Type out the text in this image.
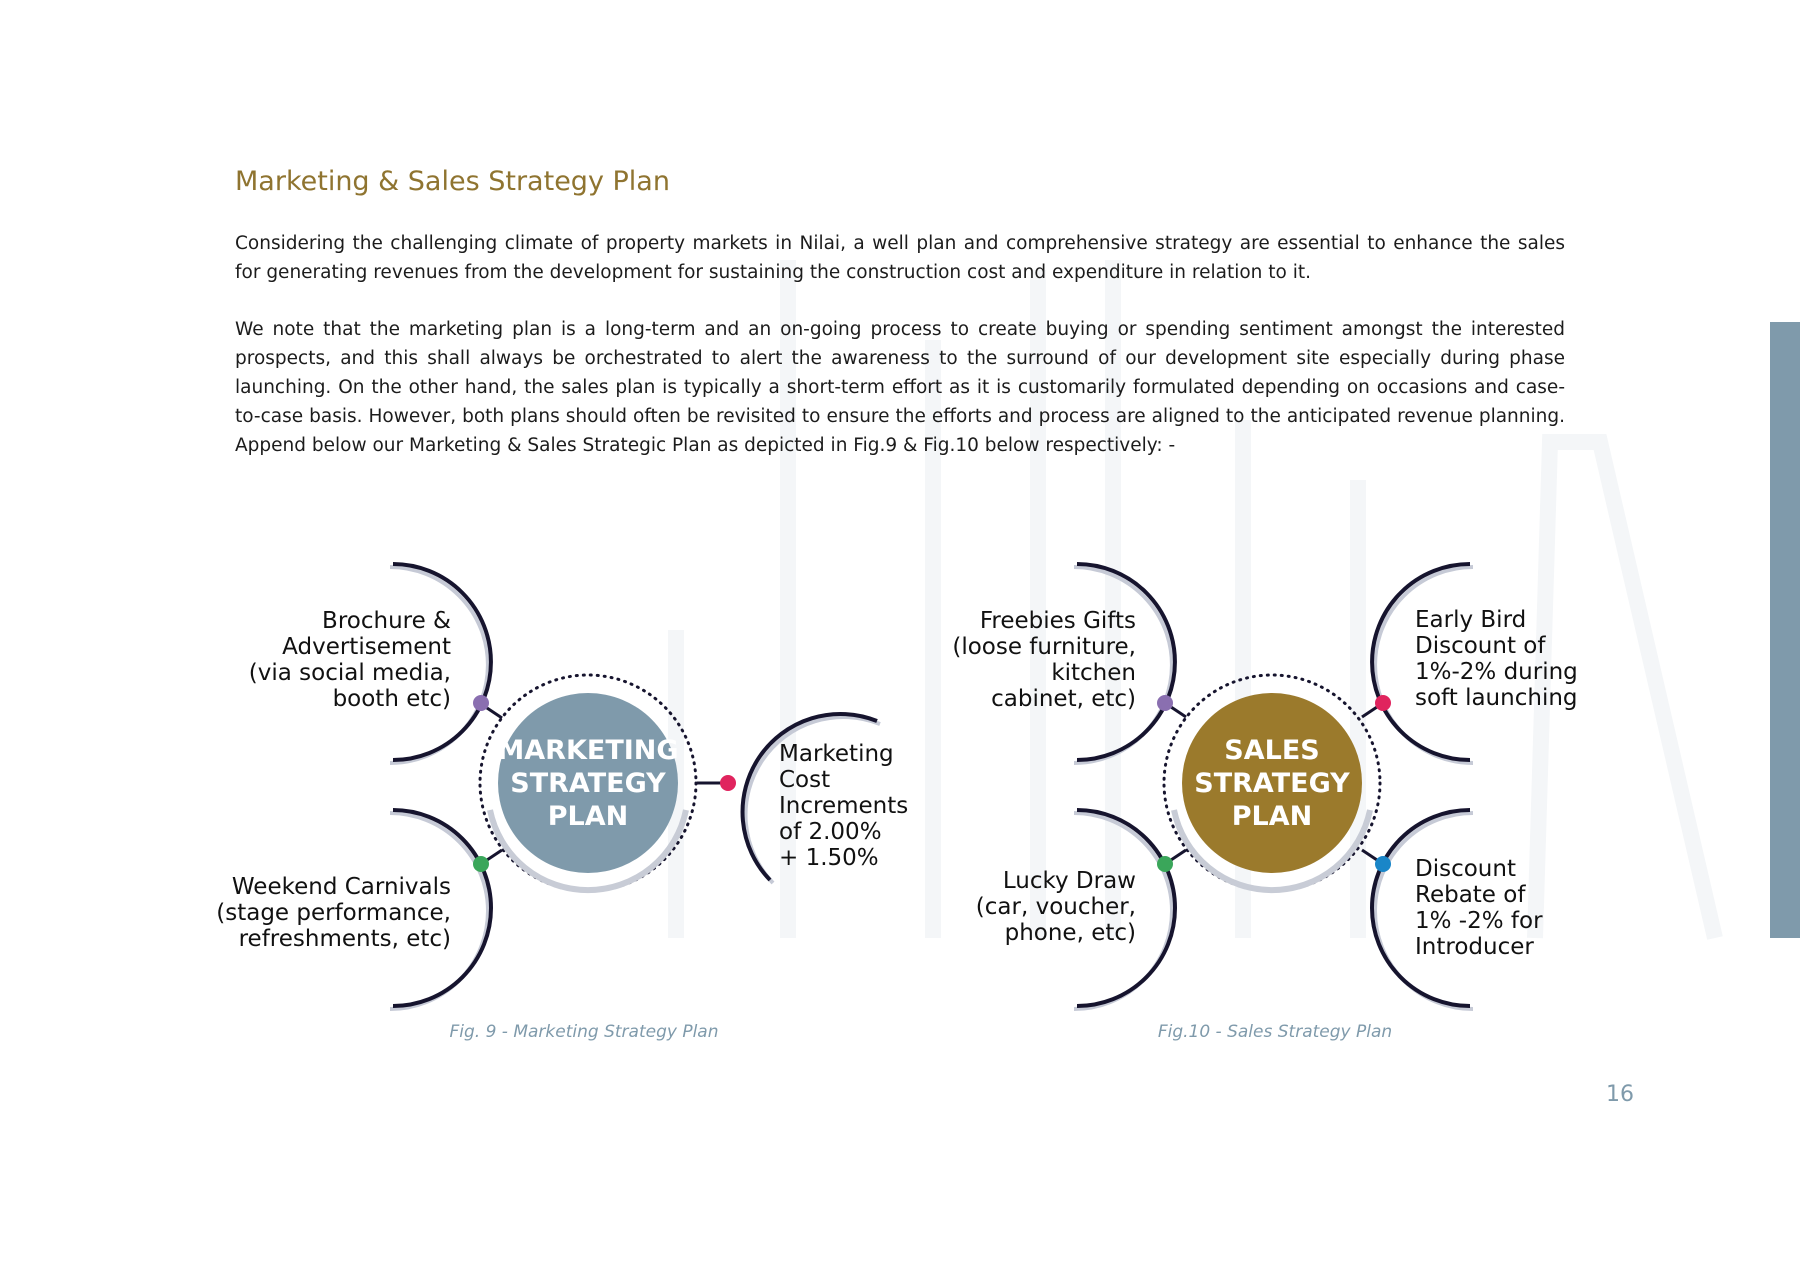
Marketing & Sales Strategy Plan

Considering the challenging climate of property markets in Nilai, a well plan and comprehensive strategy are essential to enhance the sales for generating revenues from the development for sustaining the construction cost and expenditure in relation to it.

We note that the marketing plan is a long-term and an on-going process to create buying or spending sentiment amongst the interested prospects, and this shall always be orchestrated to alert the awareness to the surround of our development site especially during phase launching. On the other hand, the sales plan is typically a short-term effort as it is customarily formulated depending on occasions and case-to-case basis. However, both plans should often be revisited to ensure the efforts and process are aligned to the anticipated revenue planning. Append below our Marketing & Sales Strategic Plan as depicted in Fig.9 & Fig.10 below respectively: -

MARKETING
STRATEGY
PLAN
Brochure &
Advertisement
(via social media,
booth etc)
Weekend Carnivals
(stage performance,
refreshments, etc)
Marketing
Cost
Increments
of 2.00%
+ 1.50%
Fig. 9 - Marketing Strategy Plan
SALES
STRATEGY
PLAN
Freebies Gifts
(loose furniture,
kitchen
cabinet, etc)
Lucky Draw
(car, voucher,
phone, etc)
Early Bird
Discount of
1%-2% during
soft launching
Discount
Rebate of
1% -2% for
Introducer
Fig.10 - Sales Strategy Plan
16
